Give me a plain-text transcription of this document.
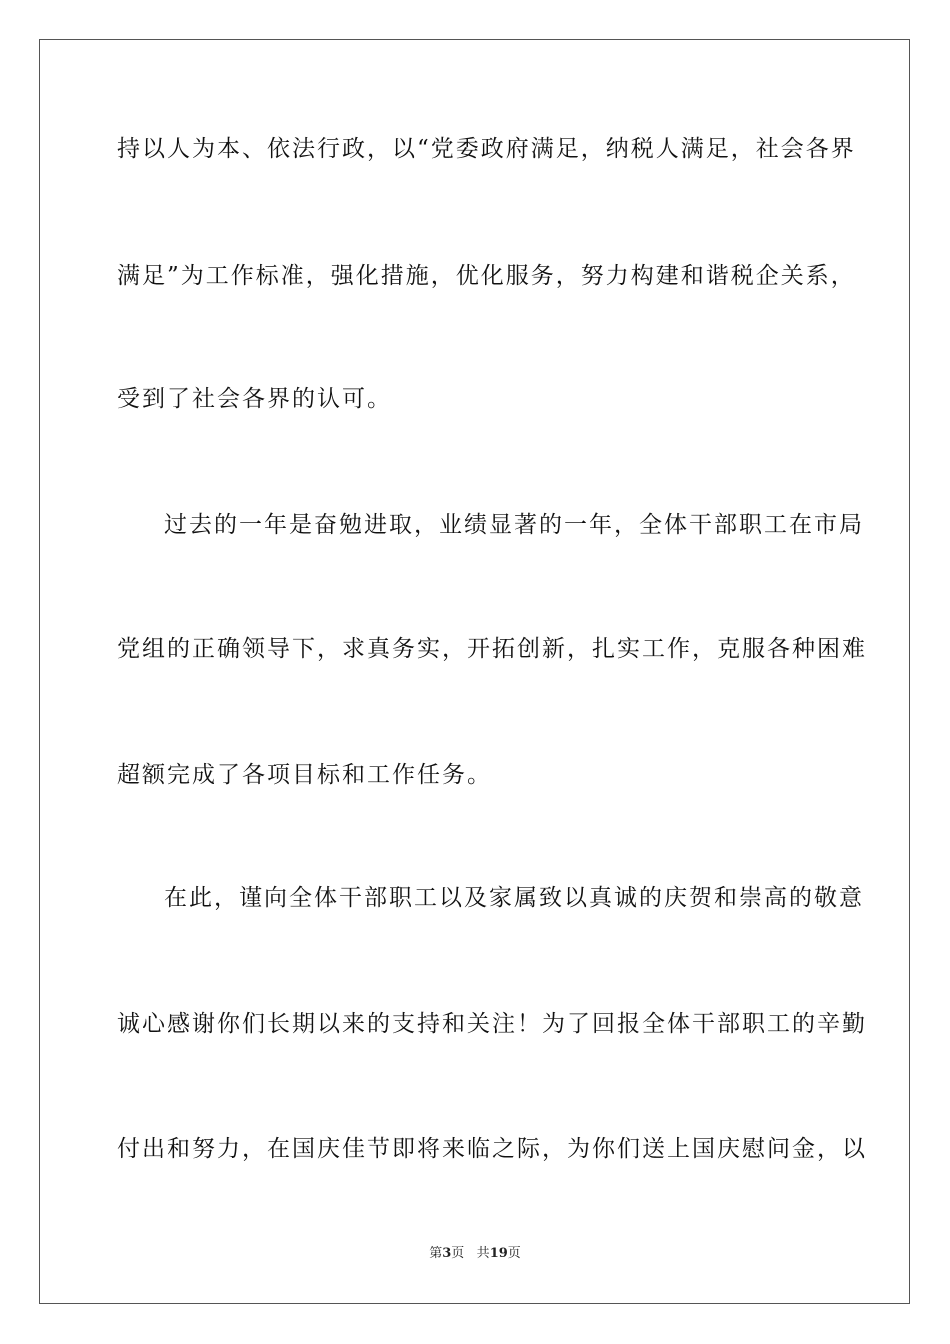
持以人为本、依法行政，以“党委政府满足，纳税人满足，社会各界
满足”为工作标准，强化措施，优化服务，努力构建和谐税企关系，
受到了社会各界的认可。
过去的一年是奋勉进取，业绩显著的一年，全体干部职工在市局
党组的正确领导下，求真务实，开拓创新，扎实工作，克服各种困难
超额完成了各项目标和工作任务。
在此，谨向全体干部职工以及家属致以真诚的庆贺和崇高的敬意
诚心感谢你们长期以来的支持和关注！为了回报全体干部职工的辛勤
付出和努力，在国庆佳节即将来临之际，为你们送上国庆慰问金，以
第3页 共19页
